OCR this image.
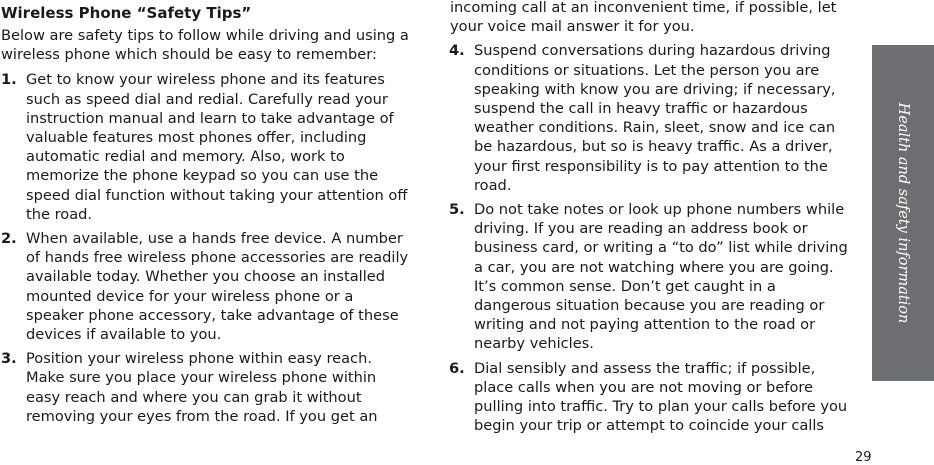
Wireless Phone “Safety Tips”
Below are safety tips to follow while driving and using a wireless phone which should be easy to remember:
1. Get to know your wireless phone and its features such as speed dial and redial. Carefully read your instruction manual and learn to take advantage of valuable features most phones offer, including automatic redial and memory. Also, work to memorize the phone keypad so you can use the speed dial function without taking your attention off the road.
2. When available, use a hands free device. A number of hands free wireless phone accessories are readily available today. Whether you choose an installed mounted device for your wireless phone or a speaker phone accessory, take advantage of these devices if available to you.
3. Position your wireless phone within easy reach. Make sure you place your wireless phone within easy reach and where you can grab it without removing your eyes from the road. If you get an
incoming call at an inconvenient time, if possible, let your voice mail answer it for you.
4. Suspend conversations during hazardous driving conditions or situations. Let the person you are speaking with know you are driving; if necessary, suspend the call in heavy traffic or hazardous weather conditions. Rain, sleet, snow and ice can be hazardous, but so is heavy traffic. As a driver, your first responsibility is to pay attention to the road.
5. Do not take notes or look up phone numbers while driving. If you are reading an address book or business card, or writing a “to do” list while driving a car, you are not watching where you are going. It’s common sense. Don’t get caught in a dangerous situation because you are reading or writing and not paying attention to the road or nearby vehicles.
6. Dial sensibly and assess the traffic; if possible, place calls when you are not moving or before pulling into traffic. Try to plan your calls before you begin your trip or attempt to coincide your calls
Health and safety information
29
